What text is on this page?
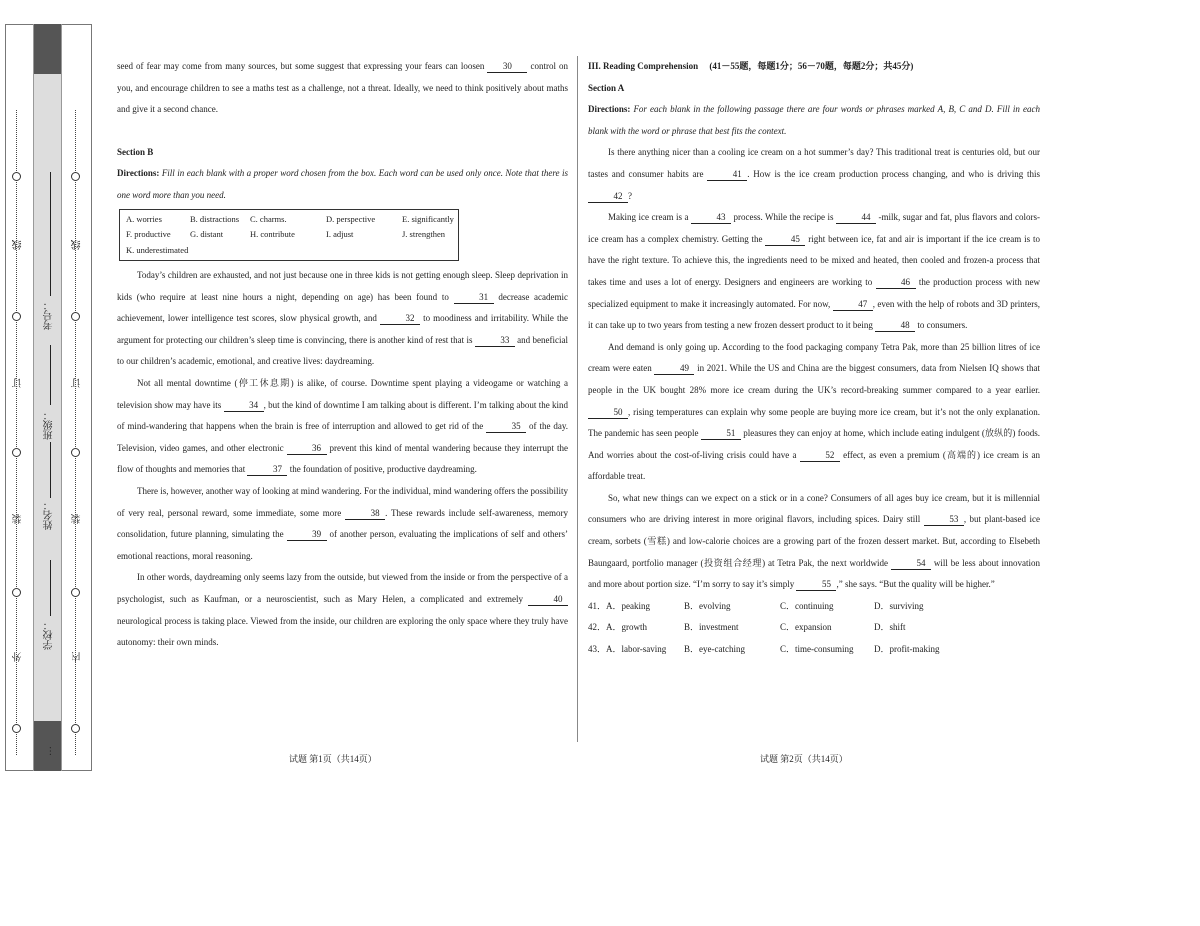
…
线
订
装
外
线
订
装
内
学校：
姓名：
班级：
考号：

seed of fear may come from many sources, but some suggest that expressing your fears can loosen 30 control on you, and encourage children to see a maths test as a challenge, not a threat. Ideally, we need to think positively about maths and give it a second chance.

Section B

Directions: Fill in each blank with a proper word chosen from the box. Each word can be used only once. Note that there is one word more than you need.

A. worries	B. distractions	C. charms.	D. perspective	E. significantly
F. productive	G. distant	H. contribute	I. adjust	J. strengthen
K. underestimated

Today’s children are exhausted, and not just because one in three kids is not getting enough sleep. Sleep deprivation in kids (who require at least nine hours a night, depending on age) has been found to	31 decrease academic achievement, lower intelligence test scores, slow physical growth, and	32 to moodiness and irritability. While the argument for protecting our children’s sleep time is convincing, there is another kind of rest that is	33 and beneficial to our children’s academic, emotional, and creative lives: daydreaming.

Not all mental downtime (停工休息期) is alike, of course. Downtime spent playing a videogame or watching a television show may have its	34 , but the kind of downtime I am talking about is different. I’m talking about the kind of mind-wandering that happens when the brain is free of interruption and allowed to get rid of the	35 of the day. Television, video games, and other electronic	36 prevent this kind of mental wandering because they interrupt the flow of thoughts and memories that	37 the foundation of positive, productive daydreaming.

There is, however, another way of looking at mind wandering. For the individual, mind wandering offers the possibility of very real, personal reward, some immediate, some more	38 . These rewards include self-awareness, memory consolidation, future planning, simulating the	39 of another person, evaluating the implications of self and others’ emotional reactions, moral reasoning.

In other words, daydreaming only seems lazy from the outside, but viewed from the inside or from the perspective of a psychologist, such as Kaufman, or a neuroscientist, such as Mary Helen, a complicated and extremely	40 neurological process is taking place. Viewed from the inside, our children are exploring the only space where they truly have autonomy: their own minds.

III. Reading Comprehension (41－55题，每题1分；56－70题，每题2分；共45分)

Section A

Directions: For each blank in the following passage there are four words or phrases marked A, B, C and D. Fill in each blank with the word or phrase that best fits the context.

Is there anything nicer than a cooling ice cream on a hot summer’s day? This traditional treat is centuries old, but our tastes and consumer habits are	41 . How is the ice cream production process changing, and who is driving this 42 ?

Making ice cream is a	43 process. While the recipe is	44 -milk, sugar and fat, plus flavors and colors-ice cream has a complex chemistry. Getting the	45 right between ice, fat and air is important if the ice cream is to have the right texture. To achieve this, the ingredients need to be mixed and heated, then cooled and frozen-a process that takes time and uses a lot of energy. Designers and engineers are working to	46 the production process with new specialized equipment to make it increasingly automated. For now,	47 , even with the help of robots and 3D printers, it can take up to two years from testing a new frozen dessert product to it being	48 to consumers.

And demand is only going up. According to the food packaging company Tetra Pak, more than 25 billion litres of ice cream were eaten	49 in 2021. While the US and China are the biggest consumers, data from Nielsen IQ shows that people in the UK bought 28% more ice cream during the UK’s record-breaking summer compared to a year earlier. 50 , rising temperatures can explain why some people are buying more ice cream, but it’s not the only explanation. The pandemic has seen people	51 pleasures they can enjoy at home, which include eating indulgent (放纵的) foods. And worries about the cost-of-living crisis could have a	52 effect, as even a premium (高端的) ice cream is an affordable treat.

So, what new things can we expect on a stick or in a cone? Consumers of all ages buy ice cream, but it is millennial consumers who are driving interest in more original flavors, including spices. Dairy still	53 , but plant-based ice cream, sorbets (雪糕) and low-calorie choices are a growing part of the frozen dessert market. But, according to Elsebeth Baungaard, portfolio manager (投资组合经理) at Tetra Pak, the next worldwide	54 will be less about innovation and more about portion size. “I’m sorry to say it’s simply	55 ,” she says. “But the quality will be higher.”

41．A．peaking	B．evolving	C．continuing	D．surviving
42．A．growth	B．investment	C．expansion	D．shift
43．A．labor-saving	B．eye-catching	C．time-consuming	D．profit-making
试题 第1页（共14页）	试题 第2页（共14页）
